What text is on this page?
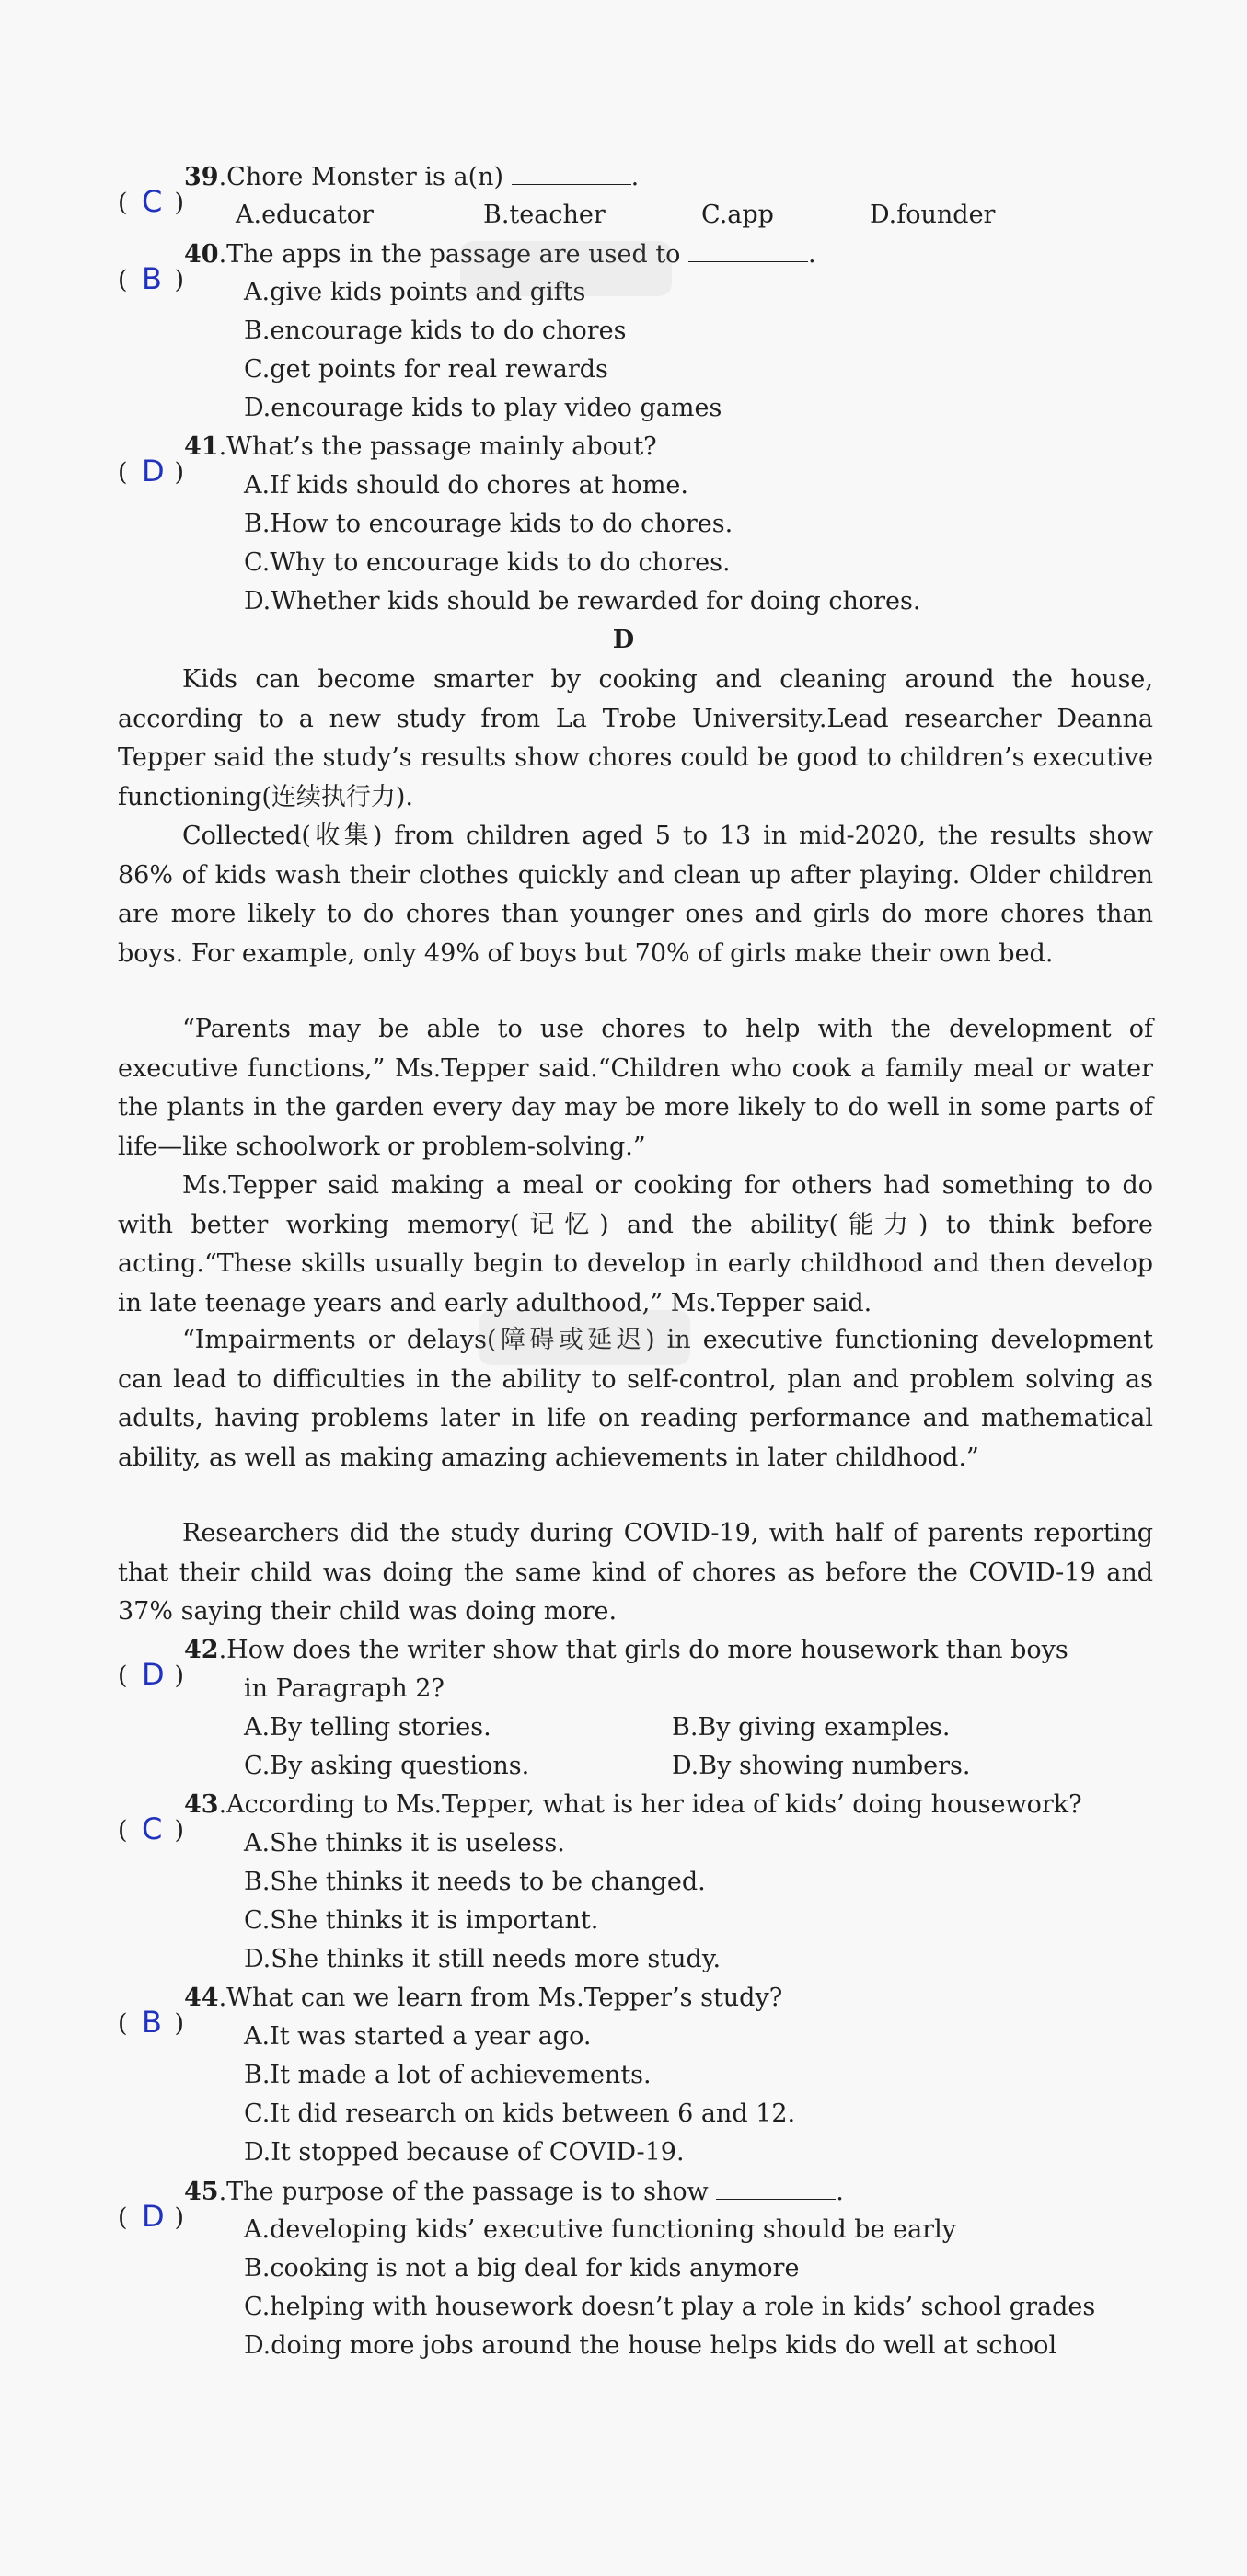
( C )
39.Chore Monster is a(n)	.
A.educator	B.teacher	C.app	D.founder
( B )
40.The apps in the passage are used to	.
A.give kids points and gifts
B.encourage kids to do chores
C.get points for real rewards
D.encourage kids to play video games
( D )
41.What’s the passage mainly about?
A.If kids should do chores at home.
B.How to encourage kids to do chores.
C.Why to encourage kids to do chores.
D.Whether kids should be rewarded for doing chores.
D

Kids can become smarter by cooking and cleaning around the house, according to a new study from La Trobe University.Lead researcher Deanna Tepper said the study’s results show chores could be good to children’s executive functioning(连续执行力).

Collected(收集) from children aged 5 to 13 in mid-2020, the results show 86% of kids wash their clothes quickly and clean up after playing. Older children are more likely to do chores than younger ones and girls do more chores than boys. For example, only 49% of boys but 70% of girls make their own bed.

“Parents may be able to use chores to help with the development of executive functions,” Ms.Tepper said.“Children who cook a family meal or water the plants in the garden every day may be more likely to do well in some parts of life—like schoolwork or problem-solving.”

Ms.Tepper said making a meal or cooking for others had something to do with better working memory(记忆) and the ability(能力) to think before acting.“These skills usually begin to develop in early childhood and then develop in late teenage years and early adulthood,” Ms.Tepper said.

“Impairments or delays(障碍或延迟) in executive functioning development can lead to difficulties in the ability to self-control, plan and problem solving as adults, having problems later in life on reading performance and mathematical ability, as well as making amazing achievements in later childhood.”

Researchers did the study during COVID-19, with half of parents reporting that their child was doing the same kind of chores as before the COVID-19 and 37% saying their child was doing more.

( D )
42.How does the writer show that girls do more housework than boys
in Paragraph 2?
A.By telling stories.	B.By giving examples.
C.By asking questions.	D.By showing numbers.
( C )
43.According to Ms.Tepper, what is her idea of kids’ doing housework?
A.She thinks it is useless.
B.She thinks it needs to be changed.
C.She thinks it is important.
D.She thinks it still needs more study.
( B )
44.What can we learn from Ms.Tepper’s study?
A.It was started a year ago.
B.It made a lot of achievements.
C.It did research on kids between 6 and 12.
D.It stopped because of COVID-19.
( D )
45.The purpose of the passage is to show	.
A.developing kids’ executive functioning should be early
B.cooking is not a big deal for kids anymore
C.helping with housework doesn’t play a role in kids’ school grades
D.doing more jobs around the house helps kids do well at school
